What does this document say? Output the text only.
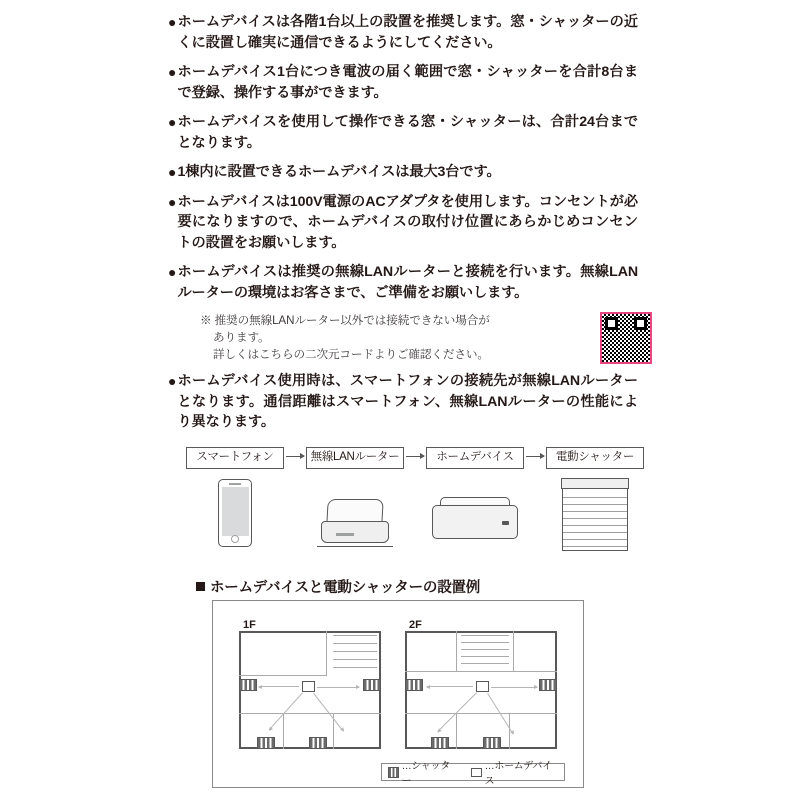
● ホームデバイスは各階1台以上の設置を推奨します。窓・シャッターの近くに設置し確実に通信できるようにしてください。
● ホームデバイス1台につき電波の届く範囲で窓・シャッターを合計8台まで登録、操作する事ができます。
● ホームデバイスを使用して操作できる窓・シャッターは、合計24台までとなります。
● 1棟内に設置できるホームデバイスは最大3台です。
● ホームデバイスは100V電源のACアダプタを使用します。コンセントが必要になりますので、ホームデバイスの取付け位置にあらかじめコンセントの設置をお願いします。
● ホームデバイスは推奨の無線LANルーターと接続を行います。無線LANルーターの環境はお客さまで、ご準備をお願いします。
※ 推奨の無線LANルーター以外では接続できない場合が
あります。
詳しくはこちらの二次元コードよりご確認ください。
● ホームデバイス使用時は、スマートフォンの接続先が無線LANルーターとなります。通信距離はスマートフォン、無線LANルーターの性能により異なります。
スマートフォン	無線LANルーター	ホームデバイス	電動シャッター
ホームデバイスと電動シャッターの設置例
1F	2F
…シャッター
…ホームデバイス
